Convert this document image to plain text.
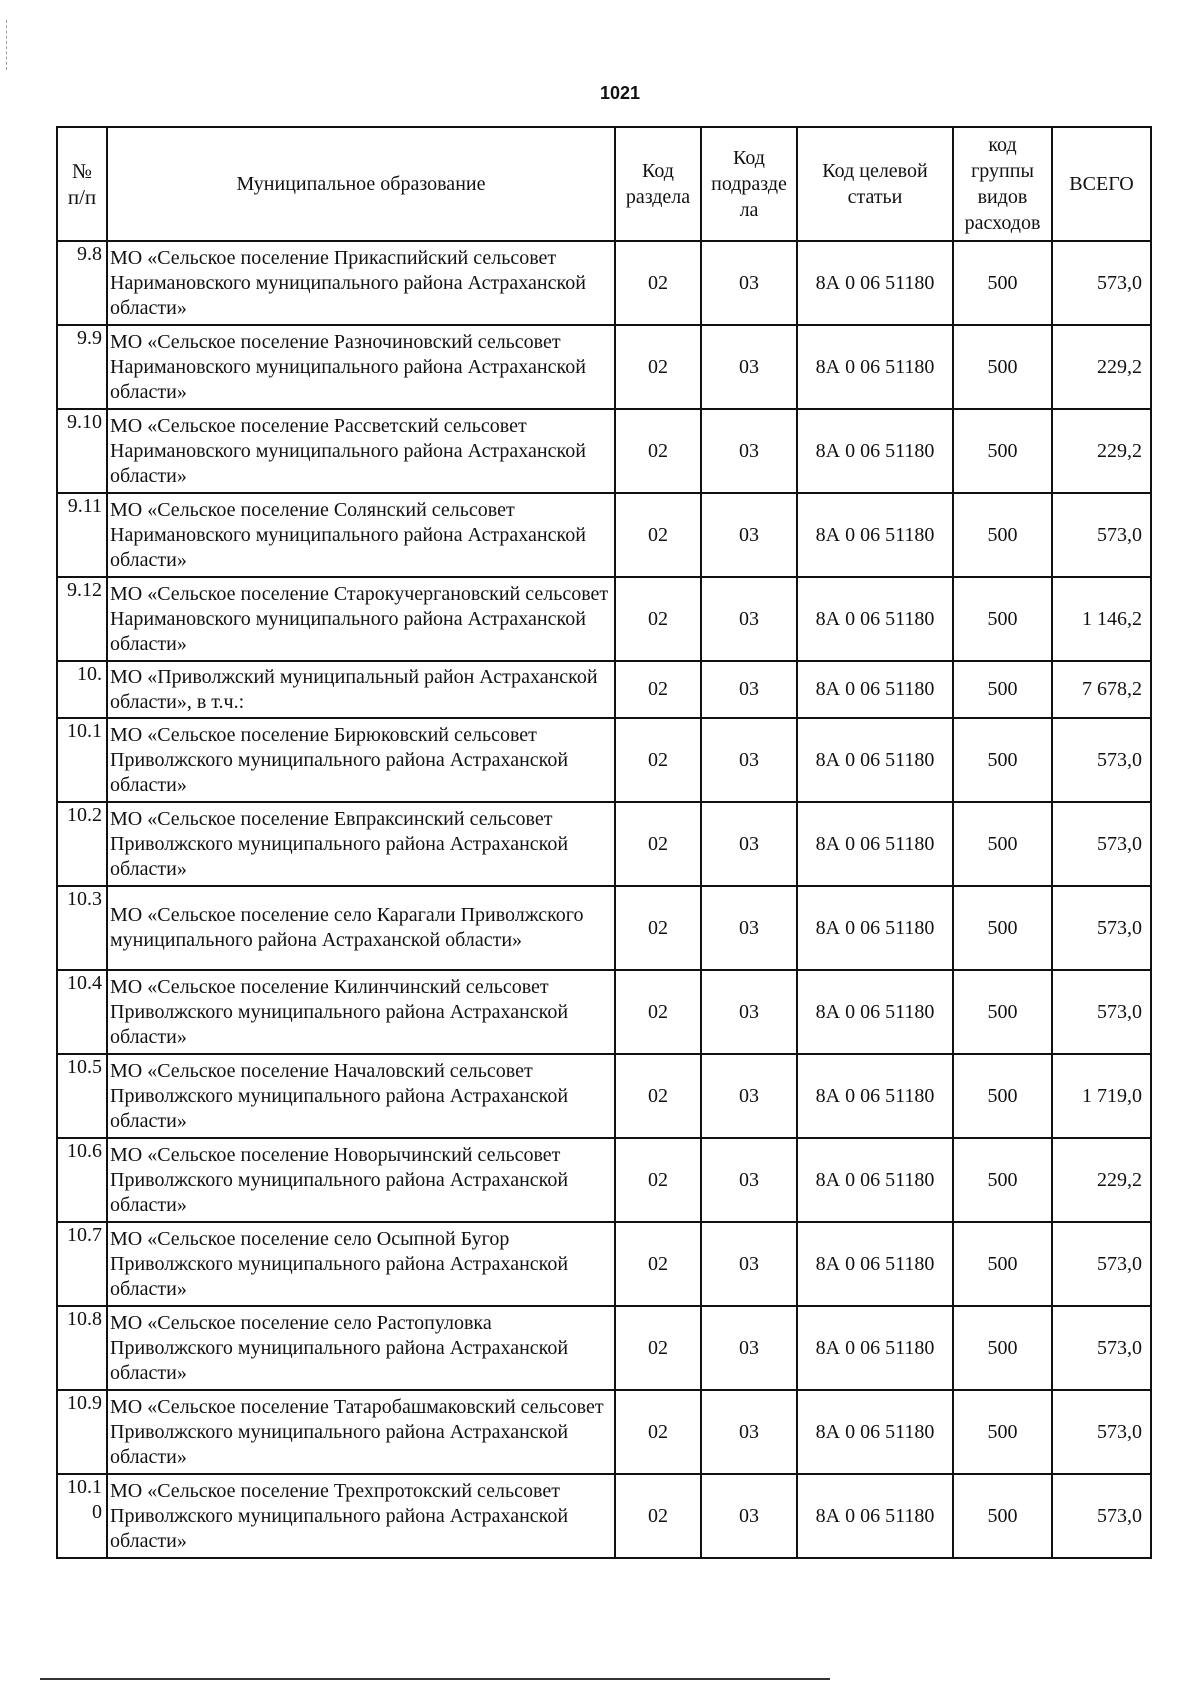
1021
№ п/п	Муниципальное образование	Код раздела	Код подразде ла	Код целевой статьи	код группы видов расходов	ВСЕГО
9.8	МО «Сельское поселение Прикаспийский сельсовет Наримановского муниципального района Астраханской области»	02	03	8А 0 06 51180	500	573,0
9.9	МО «Сельское поселение Разночиновский сельсовет Наримановского муниципального района Астраханской области»	02	03	8А 0 06 51180	500	229,2
9.10	МО «Сельское поселение Рассветский сельсовет Наримановского муниципального района Астраханской области»	02	03	8А 0 06 51180	500	229,2
9.11	МО «Сельское поселение Солянский сельсовет Наримановского муниципального района Астраханской области»	02	03	8А 0 06 51180	500	573,0
9.12	МО «Сельское поселение Старокучергановский сельсовет Наримановского муниципального района Астраханской области»	02	03	8А 0 06 51180	500	1 146,2
10.	МО «Приволжский муниципальный район Астраханской области», в т.ч.:	02	03	8А 0 06 51180	500	7 678,2
10.1	МО «Сельское поселение Бирюковский сельсовет Приволжского муниципального района Астраханской области»	02	03	8А 0 06 51180	500	573,0
10.2	МО «Сельское поселение Евпраксинский сельсовет Приволжского муниципального района Астраханской области»	02	03	8А 0 06 51180	500	573,0
10.3	МО «Сельское поселение село Карагали Приволжского муниципального района Астраханской области»	02	03	8А 0 06 51180	500	573,0
10.4	МО «Сельское поселение Килинчинский сельсовет Приволжского муниципального района Астраханской области»	02	03	8А 0 06 51180	500	573,0
10.5	МО «Сельское поселение Началовский сельсовет Приволжского муниципального района Астраханской области»	02	03	8А 0 06 51180	500	1 719,0
10.6	МО «Сельское поселение Новорычинский сельсовет Приволжского муниципального района Астраханской области»	02	03	8А 0 06 51180	500	229,2
10.7	МО «Сельское поселение село Осыпной Бугор Приволжского муниципального района Астраханской области»	02	03	8А 0 06 51180	500	573,0
10.8	МО «Сельское поселение село Растопуловка Приволжского муниципального района Астраханской области»	02	03	8А 0 06 51180	500	573,0
10.9	МО «Сельское поселение Татаробашмаковский сельсовет Приволжского муниципального района Астраханской области»	02	03	8А 0 06 51180	500	573,0
10.1 0	МО «Сельское поселение Трехпротокский сельсовет Приволжского муниципального района Астраханской области»	02	03	8А 0 06 51180	500	573,0
